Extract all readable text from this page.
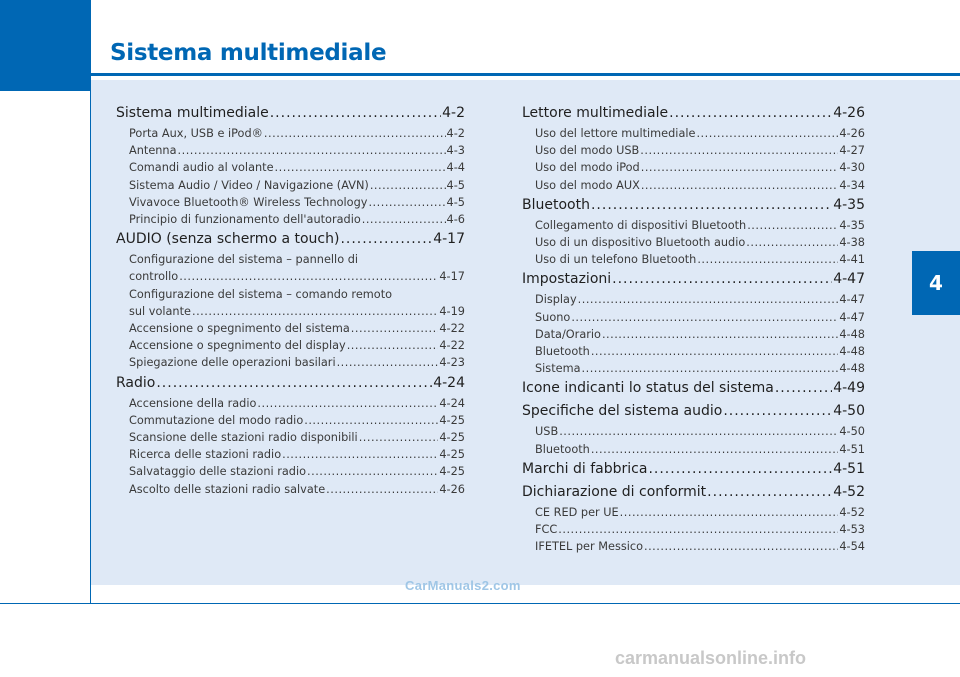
Sistema multimediale
4
Sistema multimediale .....	4-2
Porta Aux, USB e iPod® .....	4-2
Antenna .....	4-3
Comandi audio al volante .....	4-4
Sistema Audio / Video / Navigazione (AVN) .....	4-5
Vivavoce Bluetooth® Wireless Technology .....	4-5
Principio di funzionamento dell'autoradio .....	4-6
AUDIO (senza schermo a touch) .....	4-17
Configurazione del sistema – pannello di
controllo .....	4-17
Configurazione del sistema – comando remoto
sul volante .....	4-19
Accensione o spegnimento del sistema .....	4-22
Accensione o spegnimento del display .....	4-22
Spiegazione delle operazioni basilari .....	4-23
Radio .....	4-24
Accensione della radio .....	4-24
Commutazione del modo radio .....	4-25
Scansione delle stazioni radio disponibili .....	4-25
Ricerca delle stazioni radio .....	4-25
Salvataggio delle stazioni radio .....	4-25
Ascolto delle stazioni radio salvate .....	4-26
Lettore multimediale .....	4-26
Uso del lettore multimediale .....	4-26
Uso del modo USB .....	4-27
Uso del modo iPod .....	4-30
Uso del modo AUX .....	4-34
Bluetooth .....	4-35
Collegamento di dispositivi Bluetooth .....	4-35
Uso di un dispositivo Bluetooth audio .....	4-38
Uso di un telefono Bluetooth .....	4-41
Impostazioni .....	4-47
Display .....	4-47
Suono .....	4-47
Data/Orario .....	4-48
Bluetooth .....	4-48
Sistema .....	4-48
Icone indicanti lo status del sistema .....	4-49
Specifiche del sistema audio .....	4-50
USB .....	4-50
Bluetooth .....	4-51
Marchi di fabbrica .....	4-51
Dichiarazione di conformit .....	4-52
CE RED per UE .....	4-52
FCC .....	4-53
IFETEL per Messico .....	4-54
CarManuals2.com
carmanualsonline.info
